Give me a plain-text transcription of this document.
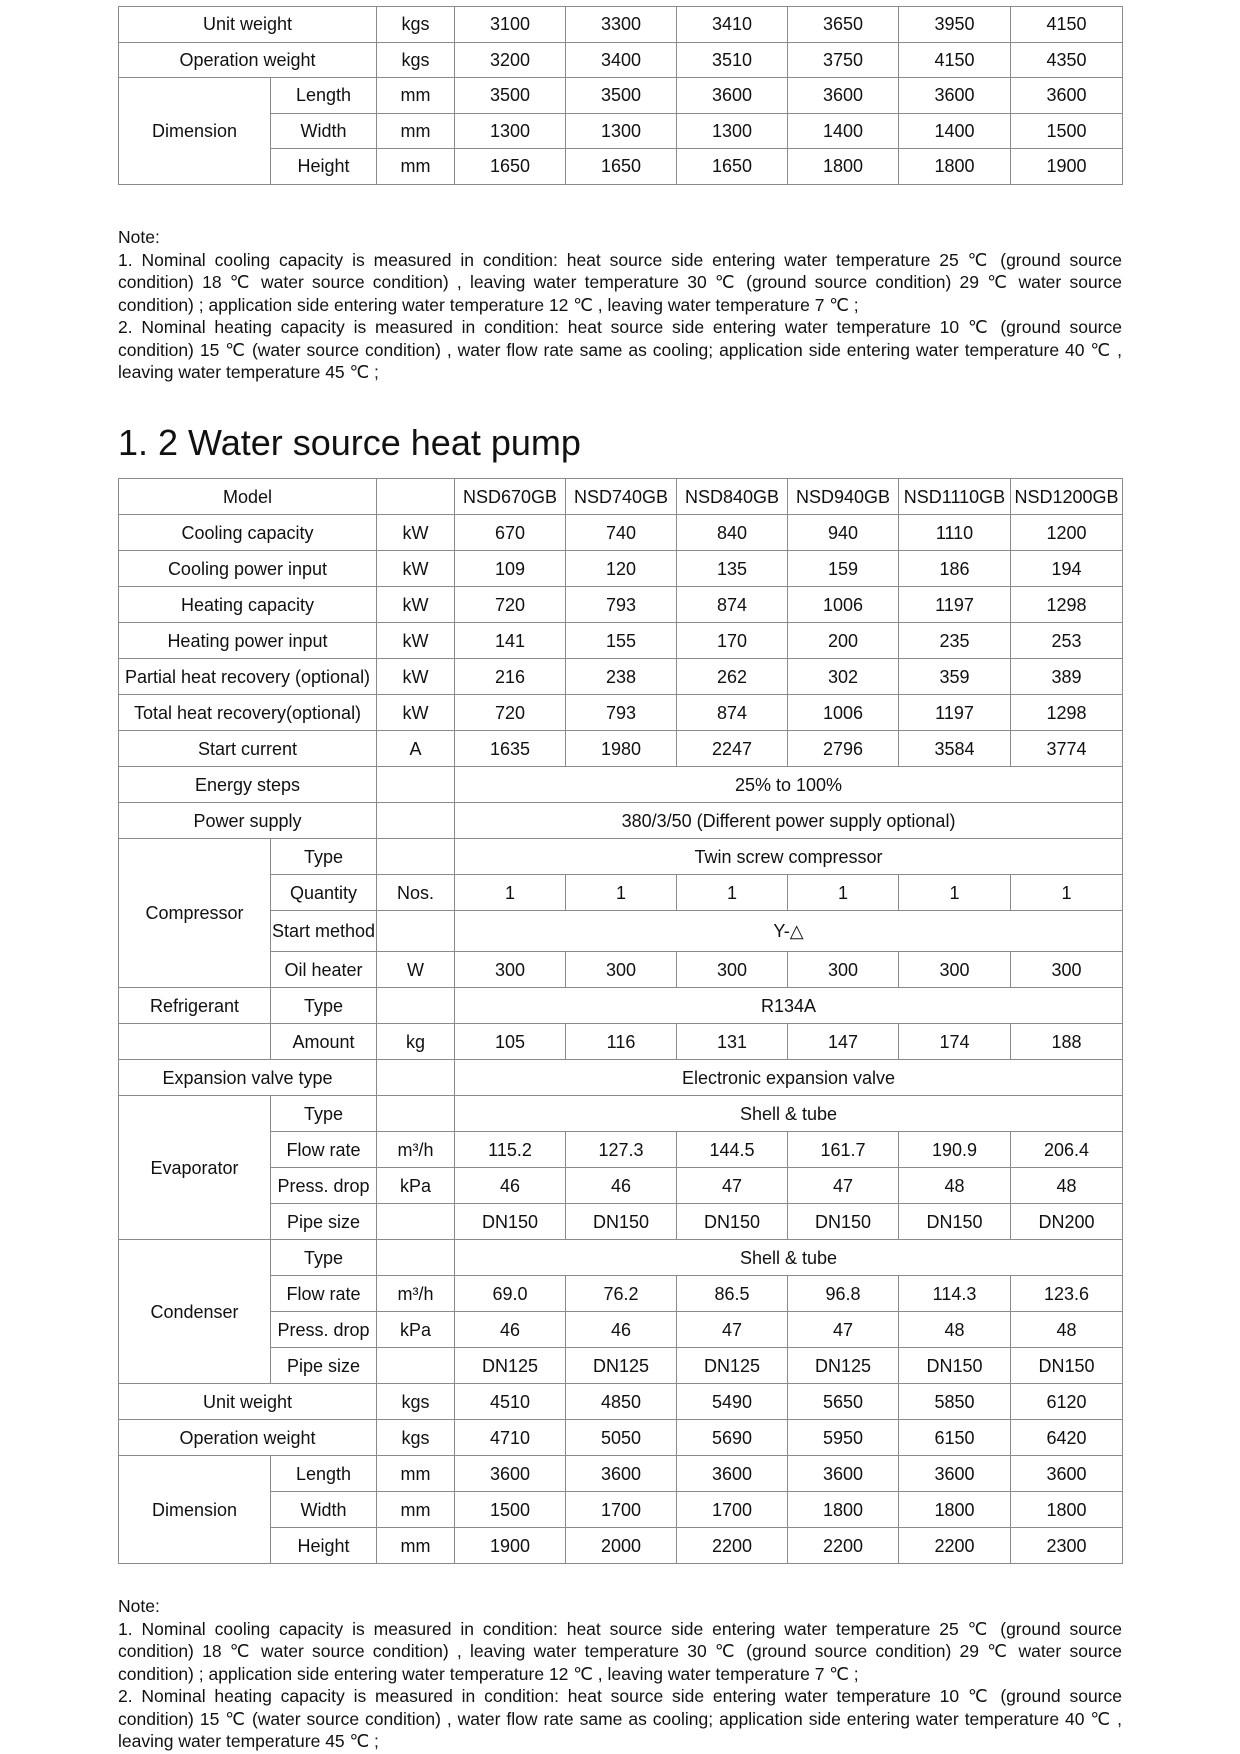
Unit weight		kgs	3100	3300	3410	3650	3950	4150
Operation weight		kgs	3200	3400	3510	3750	4150	4350
Dimension	Length	mm	3500	3500	3600	3600	3600	3600
	Width	mm	1300	1300	1300	1400	1400	1500
	Height	mm	1650	1650	1650	1800	1800	1900

Note:

1. Nominal cooling capacity is measured in condition: heat source side entering water temperature 25 ℃ (ground source condition) 18 ℃ water source condition) , leaving water temperature 30 ℃ (ground source condition) 29 ℃ water source condition) ; application side entering water temperature 12 ℃ , leaving water temperature 7 ℃ ;

2. Nominal heating capacity is measured in condition: heat source side entering water temperature 10 ℃ (ground source condition) 15 ℃ (water source condition) , water flow rate same as cooling; application side entering water temperature 40 ℃ , leaving water temperature 45 ℃ ;

1. 2 Water source heat pump
Model			NSD670GB	NSD740GB	NSD840GB	NSD940GB	NSD1110GB	NSD1200GB
Cooling capacity		kW	670	740	840	940	1110	1200
Cooling power input		kW	109	120	135	159	186	194
Heating capacity		kW	720	793	874	1006	1197	1298
Heating power input		kW	141	155	170	200	235	253
Partial heat recovery (optional)		kW	216	238	262	302	359	389
Total heat recovery(optional)		kW	720	793	874	1006	1197	1298
Start current		A	1635	1980	2247	2796	3584	3774
Energy steps			25% to 100%					
Power supply			380/3/50 (Different power supply optional)					
Compressor	Type		Twin screw compressor					
	Quantity	Nos.	1	1	1	1	1	1
	Start method		Y-△					
	Oil heater	W	300	300	300	300	300	300
Refrigerant	Type		R134A					
	Amount	kg	105	116	131	147	174	188
Expansion valve type			Electronic expansion valve					
Evaporator	Type		Shell & tube					
	Flow rate	m³/h	115.2	127.3	144.5	161.7	190.9	206.4
	Press. drop	kPa	46	46	47	47	48	48
	Pipe size		DN150	DN150	DN150	DN150	DN150	DN200
Condenser	Type		Shell & tube					
	Flow rate	m³/h	69.0	76.2	86.5	96.8	114.3	123.6
	Press. drop	kPa	46	46	47	47	48	48
	Pipe size		DN125	DN125	DN125	DN125	DN150	DN150
Unit weight		kgs	4510	4850	5490	5650	5850	6120
Operation weight		kgs	4710	5050	5690	5950	6150	6420
Dimension	Length	mm	3600	3600	3600	3600	3600	3600
	Width	mm	1500	1700	1700	1800	1800	1800
	Height	mm	1900	2000	2200	2200	2200	2300

Note:

1. Nominal cooling capacity is measured in condition: heat source side entering water temperature 25 ℃ (ground source condition) 18 ℃ water source condition) , leaving water temperature 30 ℃ (ground source condition) 29 ℃ water source condition) ; application side entering water temperature 12 ℃ , leaving water temperature 7 ℃ ;

2. Nominal heating capacity is measured in condition: heat source side entering water temperature 10 ℃ (ground source condition) 15 ℃ (water source condition) , water flow rate same as cooling; application side entering water temperature 40 ℃ , leaving water temperature 45 ℃ ;
